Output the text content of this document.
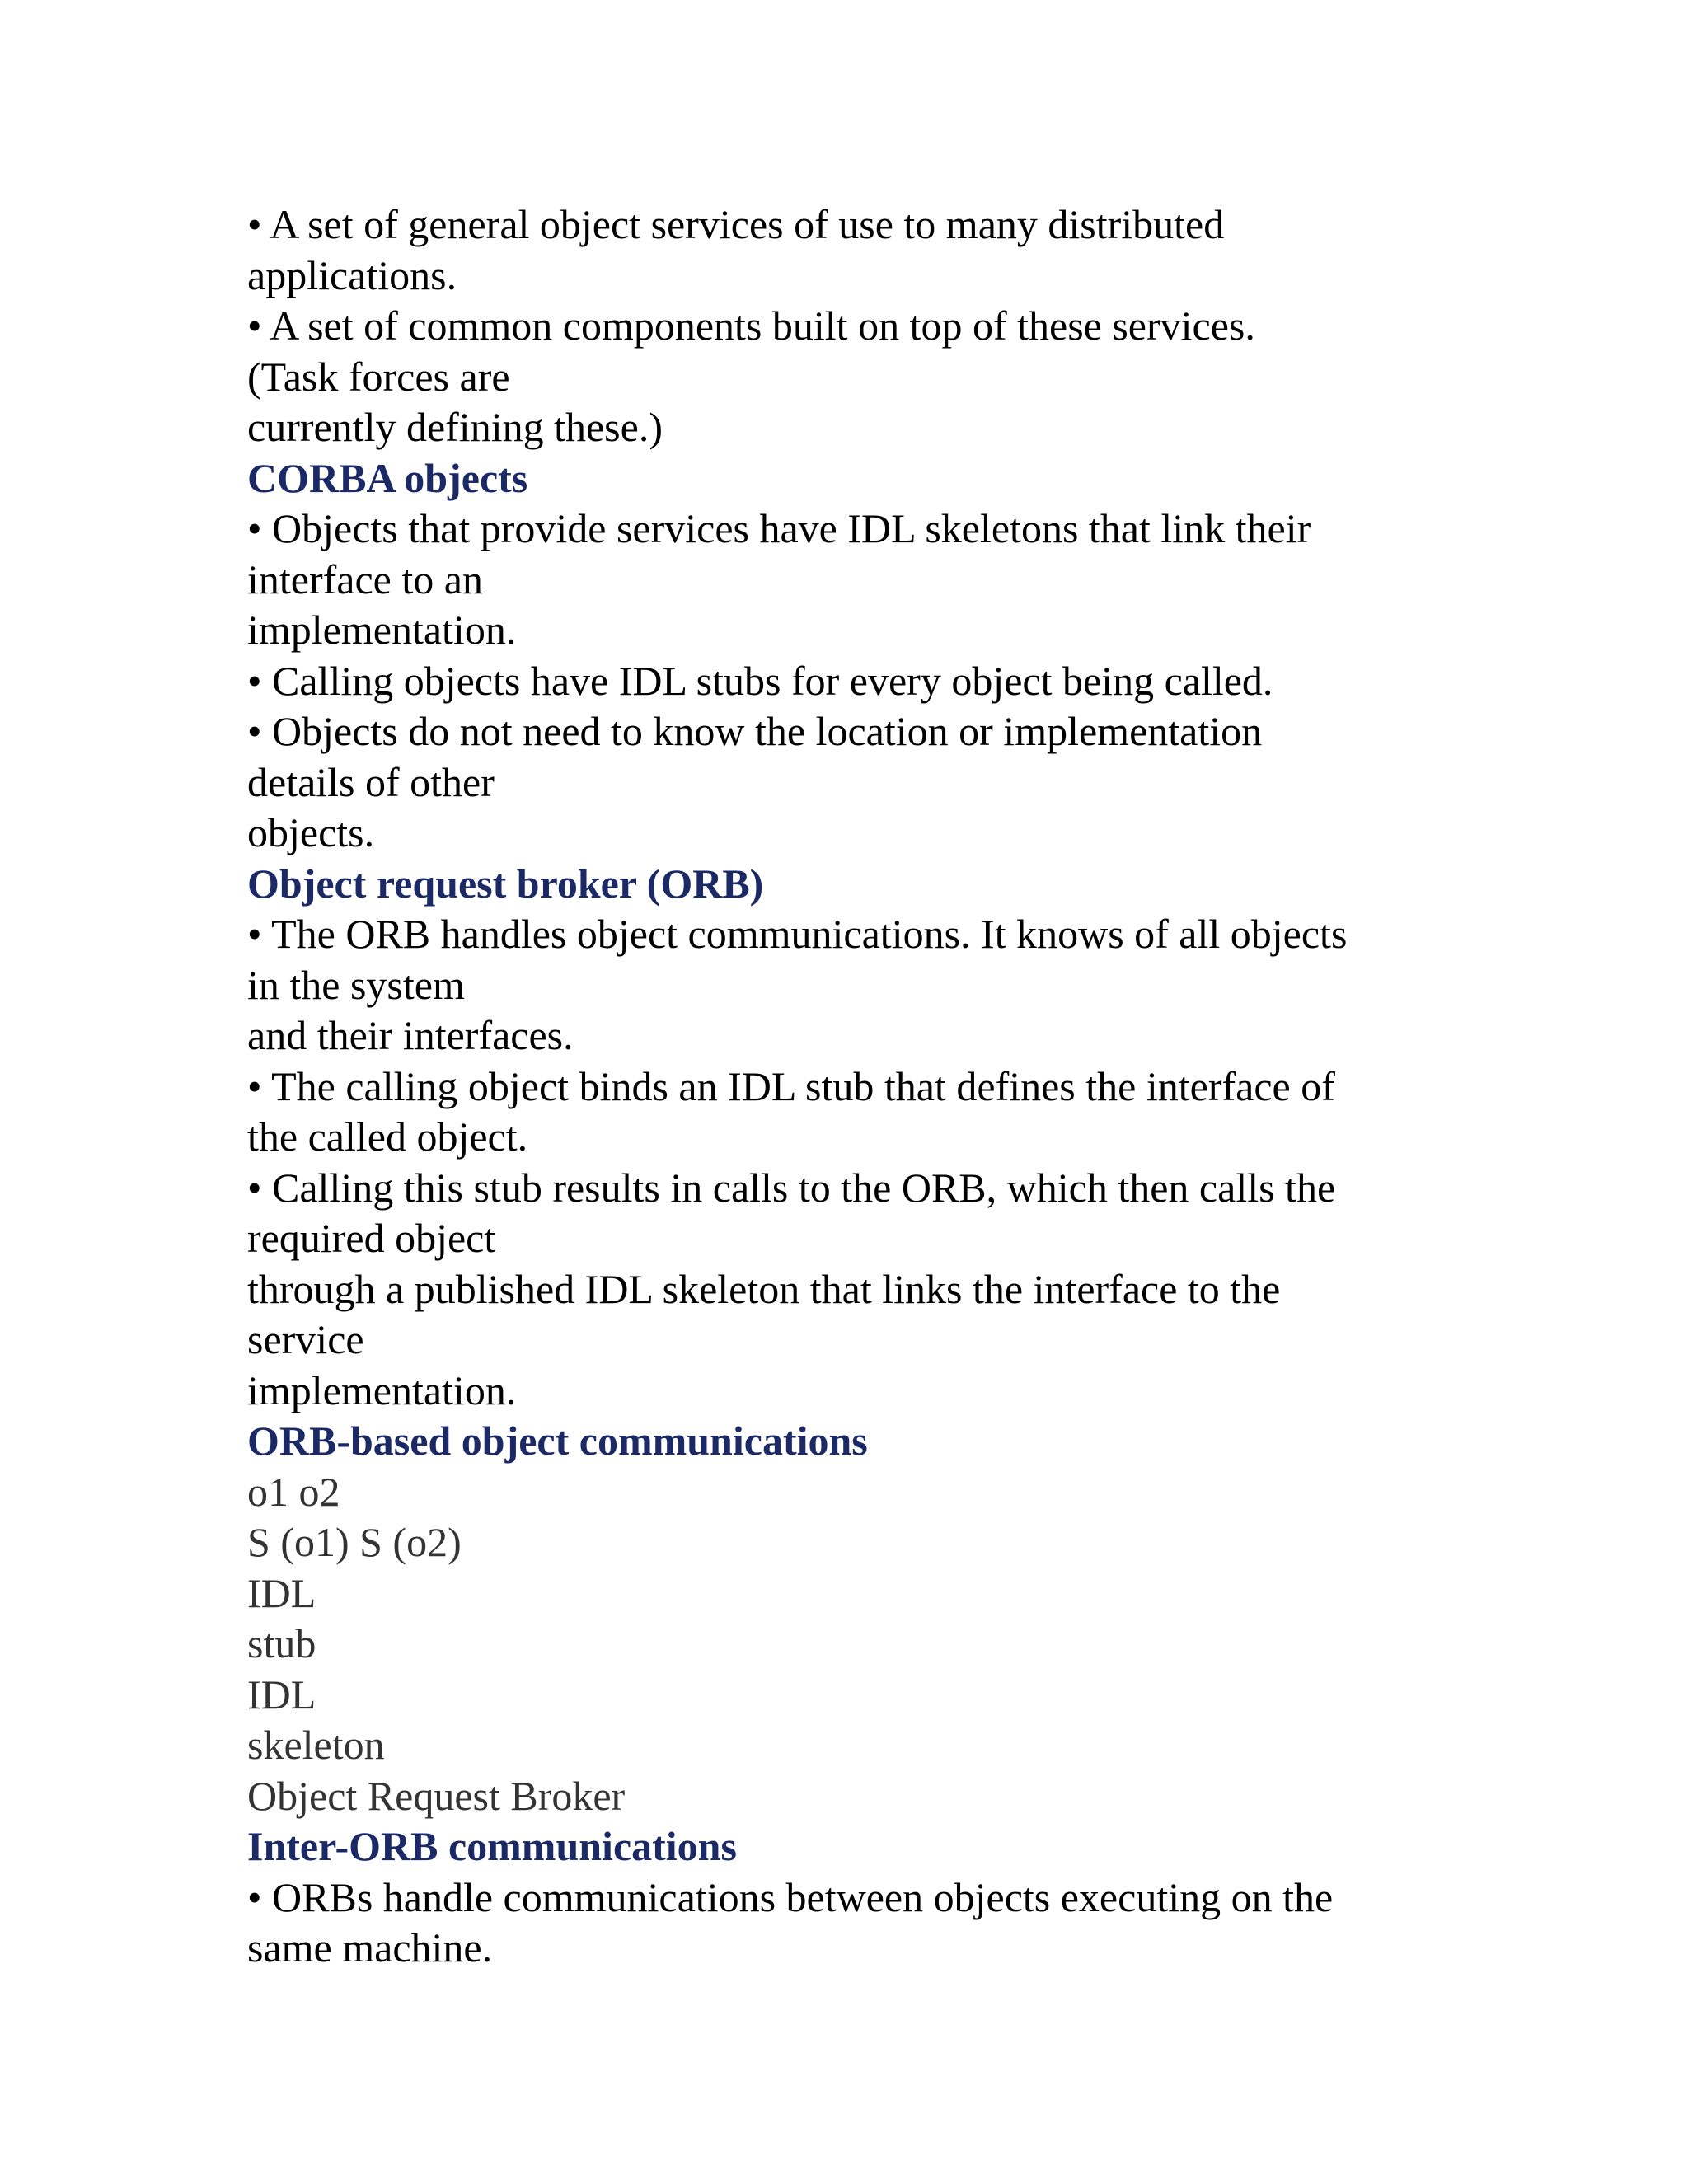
• A set of general object services of use to many distributed
applications.
• A set of common components built on top of these services.
(Task forces are
currently defining these.)
CORBA objects
• Objects that provide services have IDL skeletons that link their
interface to an
implementation.
• Calling objects have IDL stubs for every object being called.
• Objects do not need to know the location or implementation
details of other
objects.
Object request broker (ORB)
• The ORB handles object communications. It knows of all objects
in the system
and their interfaces.
• The calling object binds an IDL stub that defines the interface of
the called object.
• Calling this stub results in calls to the ORB, which then calls the
required object
through a published IDL skeleton that links the interface to the
service
implementation.
ORB-based object communications
o1 o2
S (o1) S (o2)
IDL
stub
IDL
skeleton
Object Request Broker
Inter-ORB communications
• ORBs handle communications between objects executing on the
same machine.
